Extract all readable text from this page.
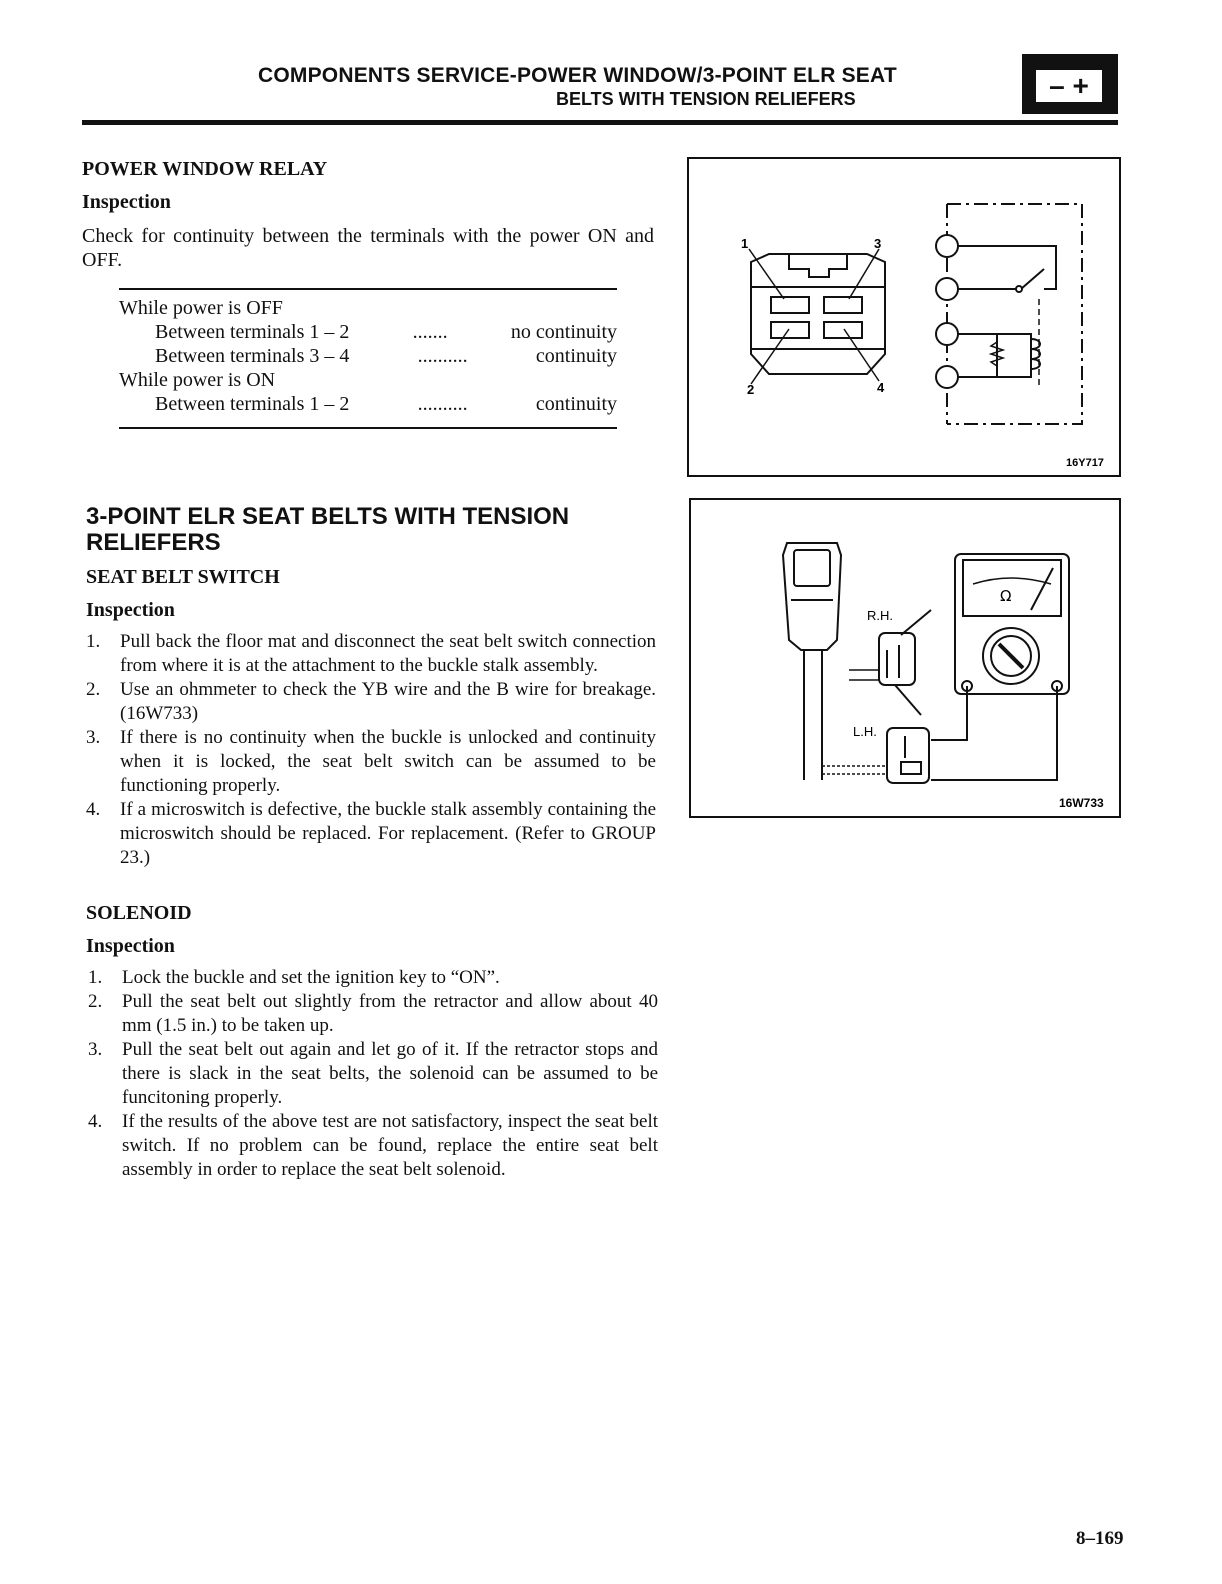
COMPONENTS SERVICE-POWER WINDOW/3-POINT ELR SEAT
BELTS WITH TENSION RELIEFERS	– +
POWER WINDOW RELAY
Inspection
Check for continuity between the terminals with the power ON and OFF.
While power is OFF
Between terminals 1 – 2	.......	no continuity
Between terminals 3 – 4	..........	continuity
While power is ON
Between terminals 1 – 2	..........	continuity
1	3
2	4
16Y717
3-POINT ELR SEAT BELTS WITH TENSION
RELIEFERS
SEAT BELT SWITCH
Inspection
1. Pull back the floor mat and disconnect the seat belt switch connection from where it is at the attachment to the buckle stalk assembly.
2. Use an ohmmeter to check the YB wire and the B wire for breakage. (16W733)
3. If there is no continuity when the buckle is unlocked and continuity when it is locked, the seat belt switch can be assumed to be functioning properly.
4. If a microswitch is defective, the buckle stalk assembly containing the microswitch should be replaced. For replacement. (Refer to GROUP 23.)
SOLENOID
Inspection
1. Lock the buckle and set the ignition key to “ON”.
2. Pull the seat belt out slightly from the retractor and allow about 40 mm (1.5 in.) to be taken up.
3. Pull the seat belt out again and let go of it. If the retractor stops and there is slack in the seat belts, the solenoid can be assumed to be funcitoning properly.
4. If the results of the above test are not satisfactory, inspect the seat belt switch. If no problem can be found, replace the entire seat belt assembly in order to replace the seat belt solenoid.
R.H.
L.H.
Ω
16W733
8–169
